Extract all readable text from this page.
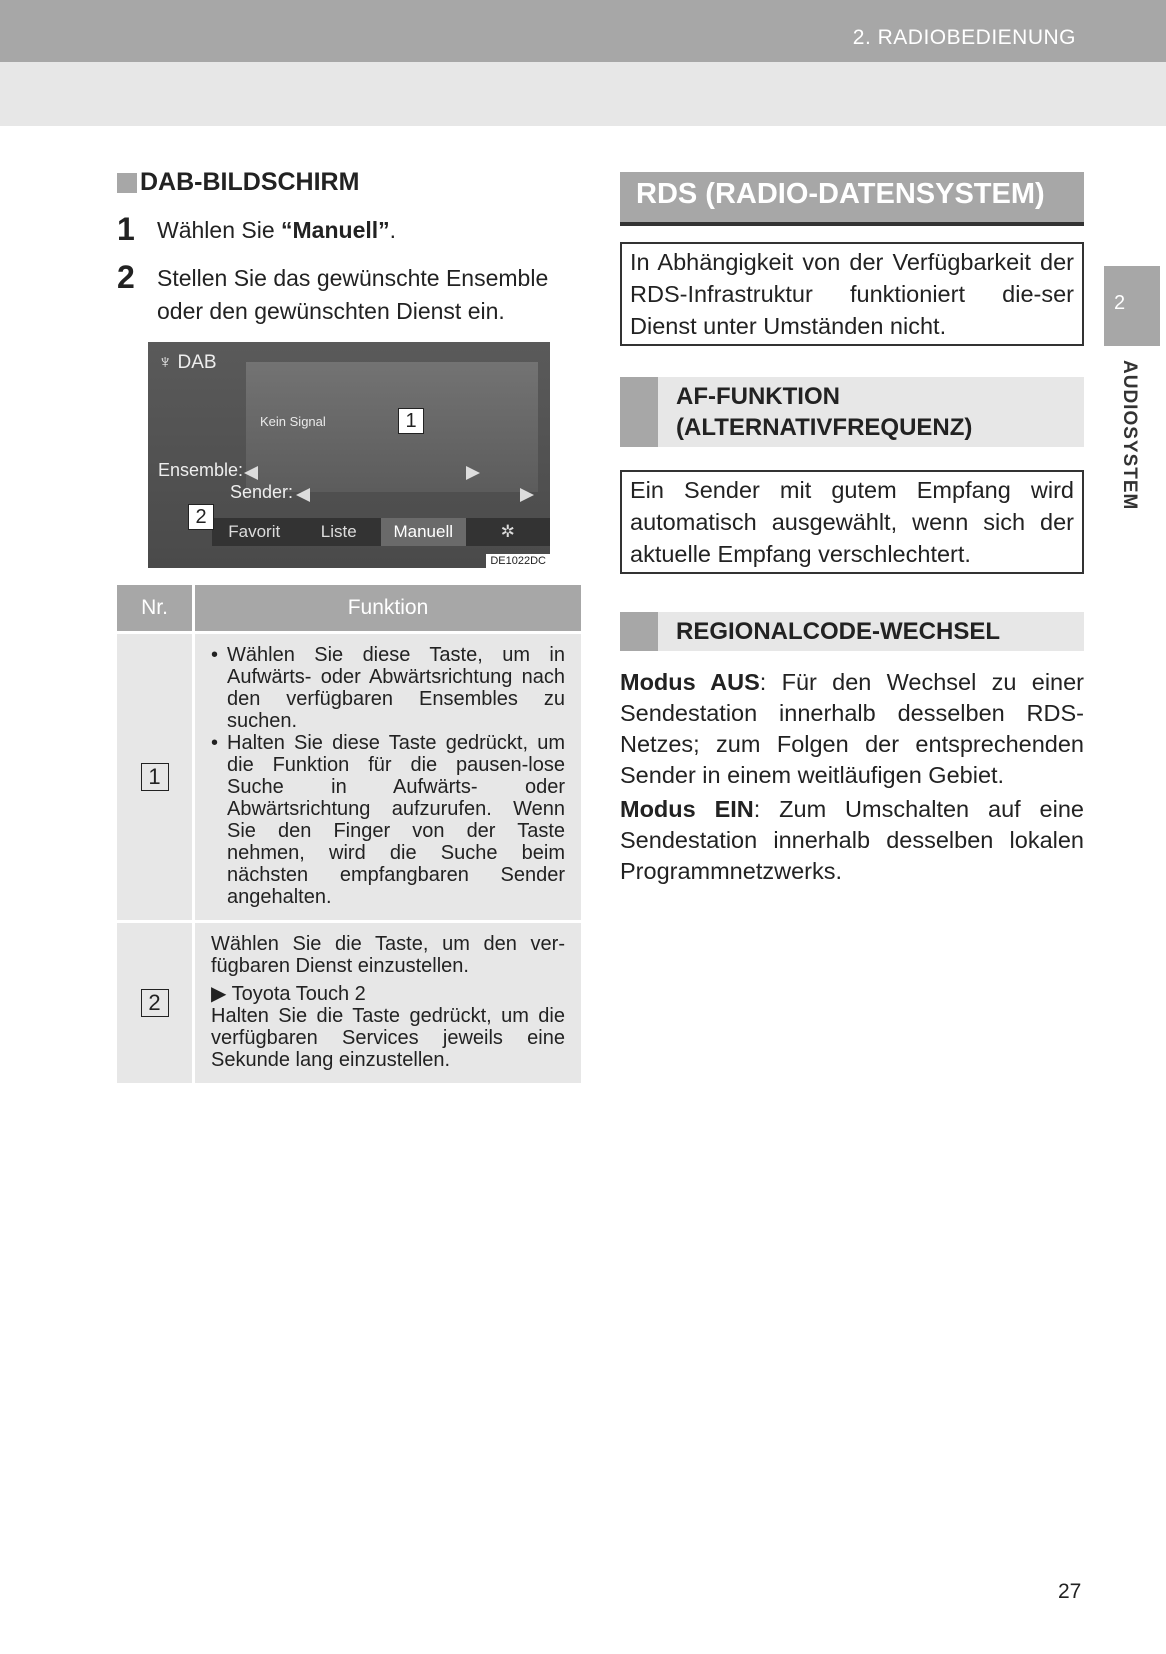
2. RADIOBEDIENUNG
2
AUDIOSYSTEM
DAB-BILDSCHIRM
1 Wählen Sie “Manuell”.
2 Stellen Sie das gewünschte Ensemble oder den gewünschten Dienst ein.
♆ DAB
Kein Signal
Ensemble:
Sender:
Favorit	Liste	Manuell	✲
DE1022DC
1
2
Nr.	Funktion
1
• Wählen Sie diese Taste, um in Aufwärts- oder Abwärtsrichtung nach den verfügbaren Ensembles zu suchen.
• Halten Sie diese Taste gedrückt, um die Funktion für die pausen-lose Suche in Aufwärts- oder Abwärtsrichtung aufzurufen. Wenn Sie den Finger von der Taste nehmen, wird die Suche beim nächsten empfangbaren Sender angehalten.
2
Wählen Sie die Taste, um den ver-fügbaren Dienst einzustellen.
▶ Toyota Touch 2
Halten Sie die Taste gedrückt, um die verfügbaren Services jeweils eine Sekunde lang einzustellen.
RDS (RADIO-DATENSYSTEM)
In Abhängigkeit von der Verfügbarkeit der RDS-Infrastruktur funktioniert die-ser Dienst unter Umständen nicht.
AF-FUNKTION
(ALTERNATIVFREQUENZ)
Ein Sender mit gutem Empfang wird automatisch ausgewählt, wenn sich der aktuelle Empfang verschlechtert.
REGIONALCODE-WECHSEL
Modus AUS: Für den Wechsel zu einer Sendestation innerhalb desselben RDS-Netzes; zum Folgen der entsprechenden Sender in einem weitläufigen Gebiet.
Modus EIN: Zum Umschalten auf eine Sendestation innerhalb desselben lokalen Programmnetzwerks.
27
